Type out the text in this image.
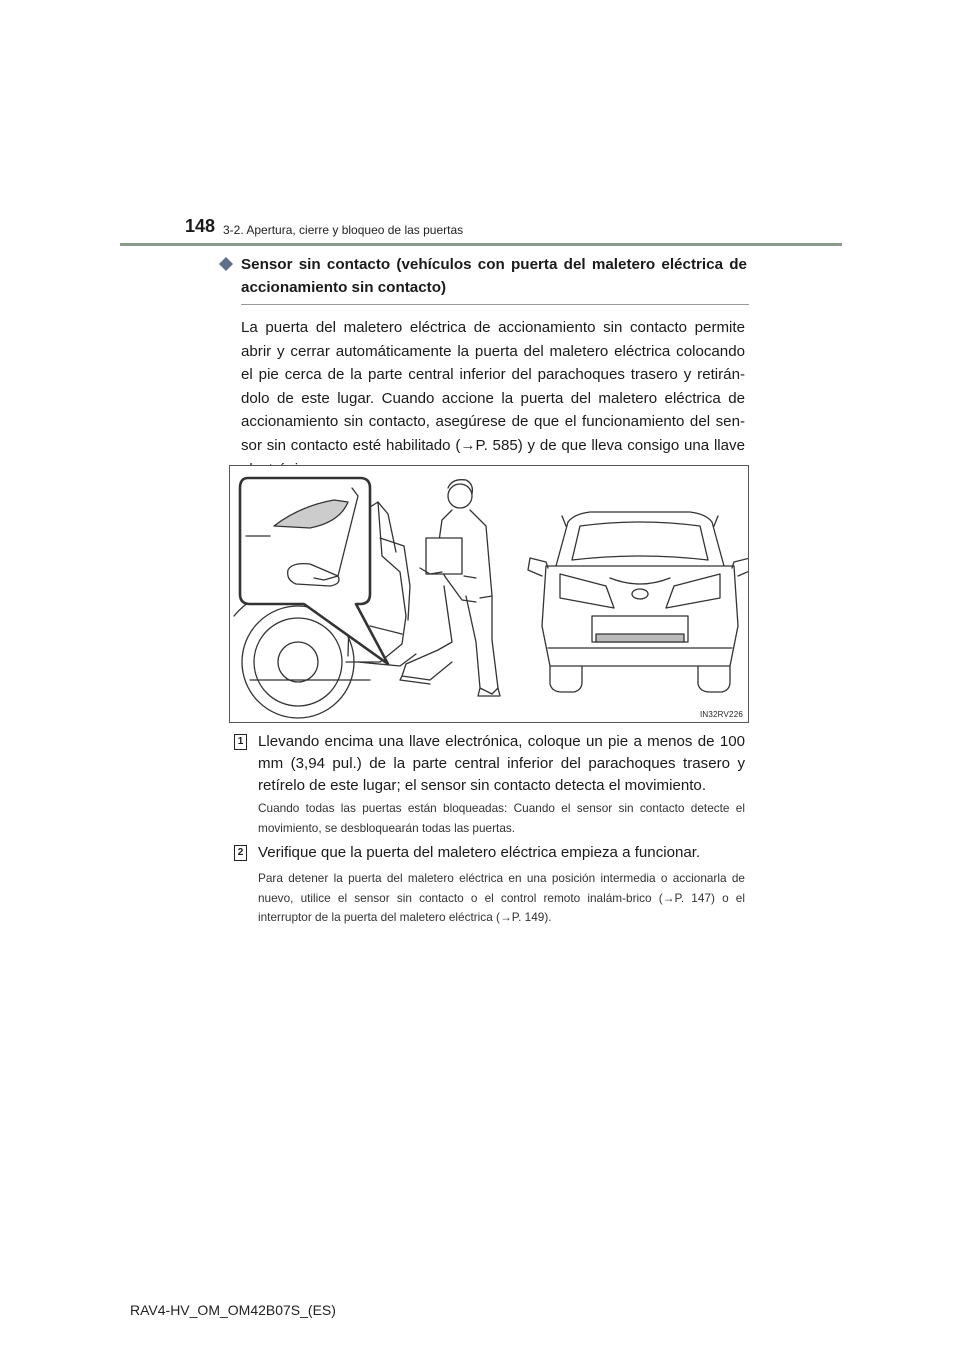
148 3-2. Apertura, cierre y bloqueo de las puertas
Sensor sin contacto (vehículos con puerta del maletero eléctrica de accionamiento sin contacto)

La puerta del maletero eléctrica de accionamiento sin contacto permite abrir y cerrar automáticamente la puerta del maletero eléctrica colocando el pie cerca de la parte central inferior del parachoques trasero y retirán-dolo de este lugar. Cuando accione la puerta del maletero eléctrica de accionamiento sin contacto, asegúrese de que el funcionamiento del sen-sor sin contacto esté habilitado (→P. 585) y de que lleva consigo una llave

IN32RV226
1 Llevando encima una llave electrónica, coloque un pie a menos de 100 mm (3,94 pul.) de la parte central inferior del parachoques trasero y retírelo de este lugar; el sensor sin contacto detecta el movimiento.

Cuando todas las puertas están bloqueadas: Cuando el sensor sin contacto detecte el movimiento, se desbloquearán todas las puertas.

2 Verifique que la puerta del maletero eléctrica empieza a funcionar.

Para detener la puerta del maletero eléctrica en una posición intermedia o accionarla de nuevo, utilice el sensor sin contacto o el control remoto inalám-brico (→P. 147) o el interruptor de la puerta del maletero eléctrica (→P. 149).

RAV4-HV_OM_OM42B07S_(ES)
